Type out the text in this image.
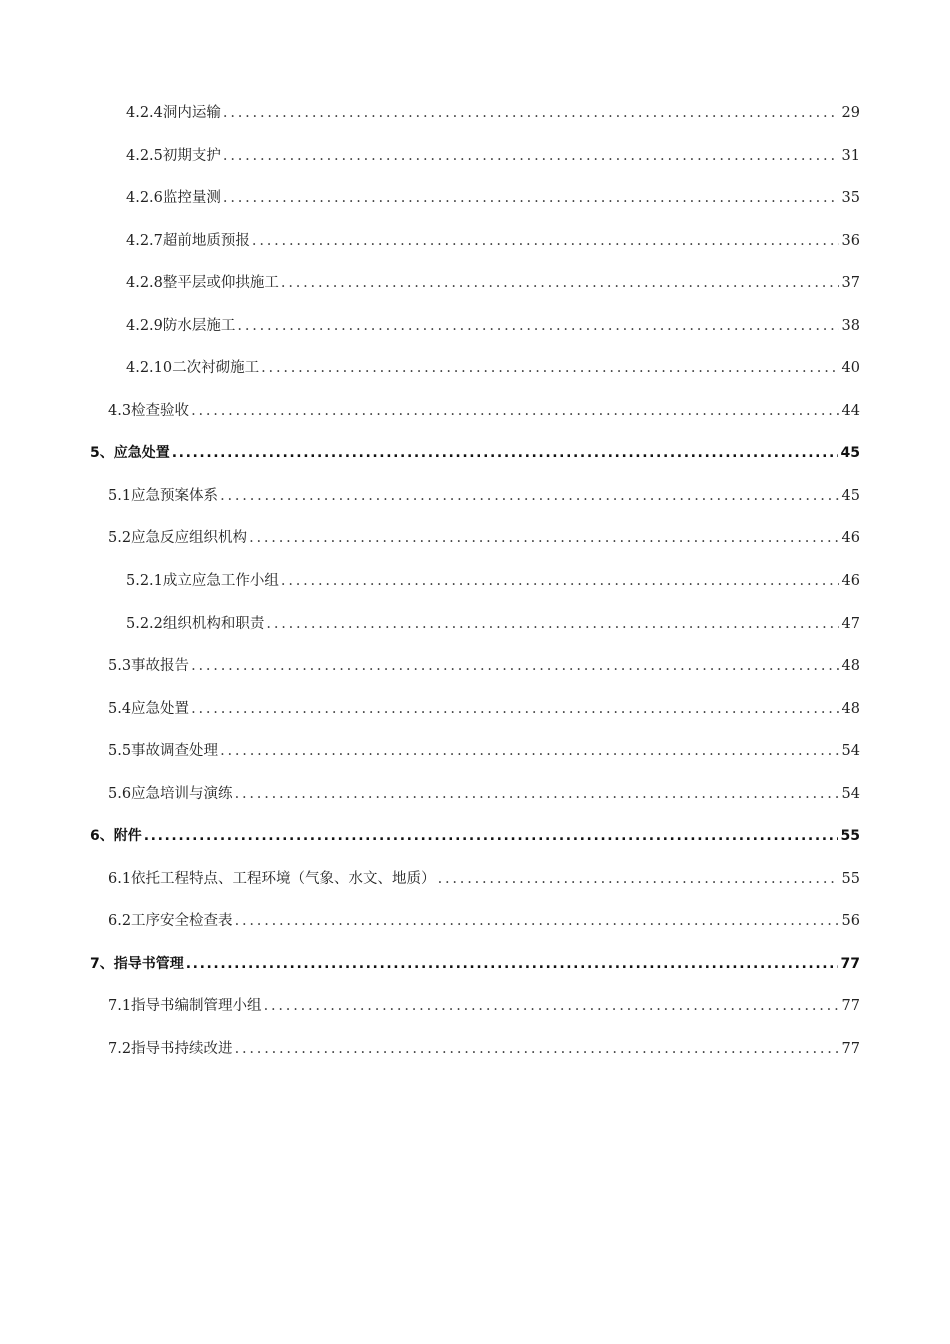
4.2.4洞内运输 .....	29
4.2.5初期支护 .....	31
4.2.6监控量测 .....	35
4.2.7超前地质预报 .....	36
4.2.8整平层或仰拱施工 .....	37
4.2.9防水层施工 .....	38
4.2.10二次衬砌施工 .....	40
4.3检查验收 .....	44
5、应急处置 .....	45
5.1应急预案体系 .....	45
5.2应急反应组织机构 .....	46
5.2.1成立应急工作小组 .....	46
5.2.2组织机构和职责 .....	47
5.3事故报告 .....	48
5.4应急处置 .....	48
5.5事故调查处理 .....	54
5.6应急培训与演练 .....	54
6、附件 .....	55
6.1依托工程特点、工程环境（气象、水文、地质） .....	55
6.2工序安全检查表 .....	56
7、指导书管理 .....	77
7.1指导书编制管理小组 .....	77
7.2指导书持续改进 .....	77
